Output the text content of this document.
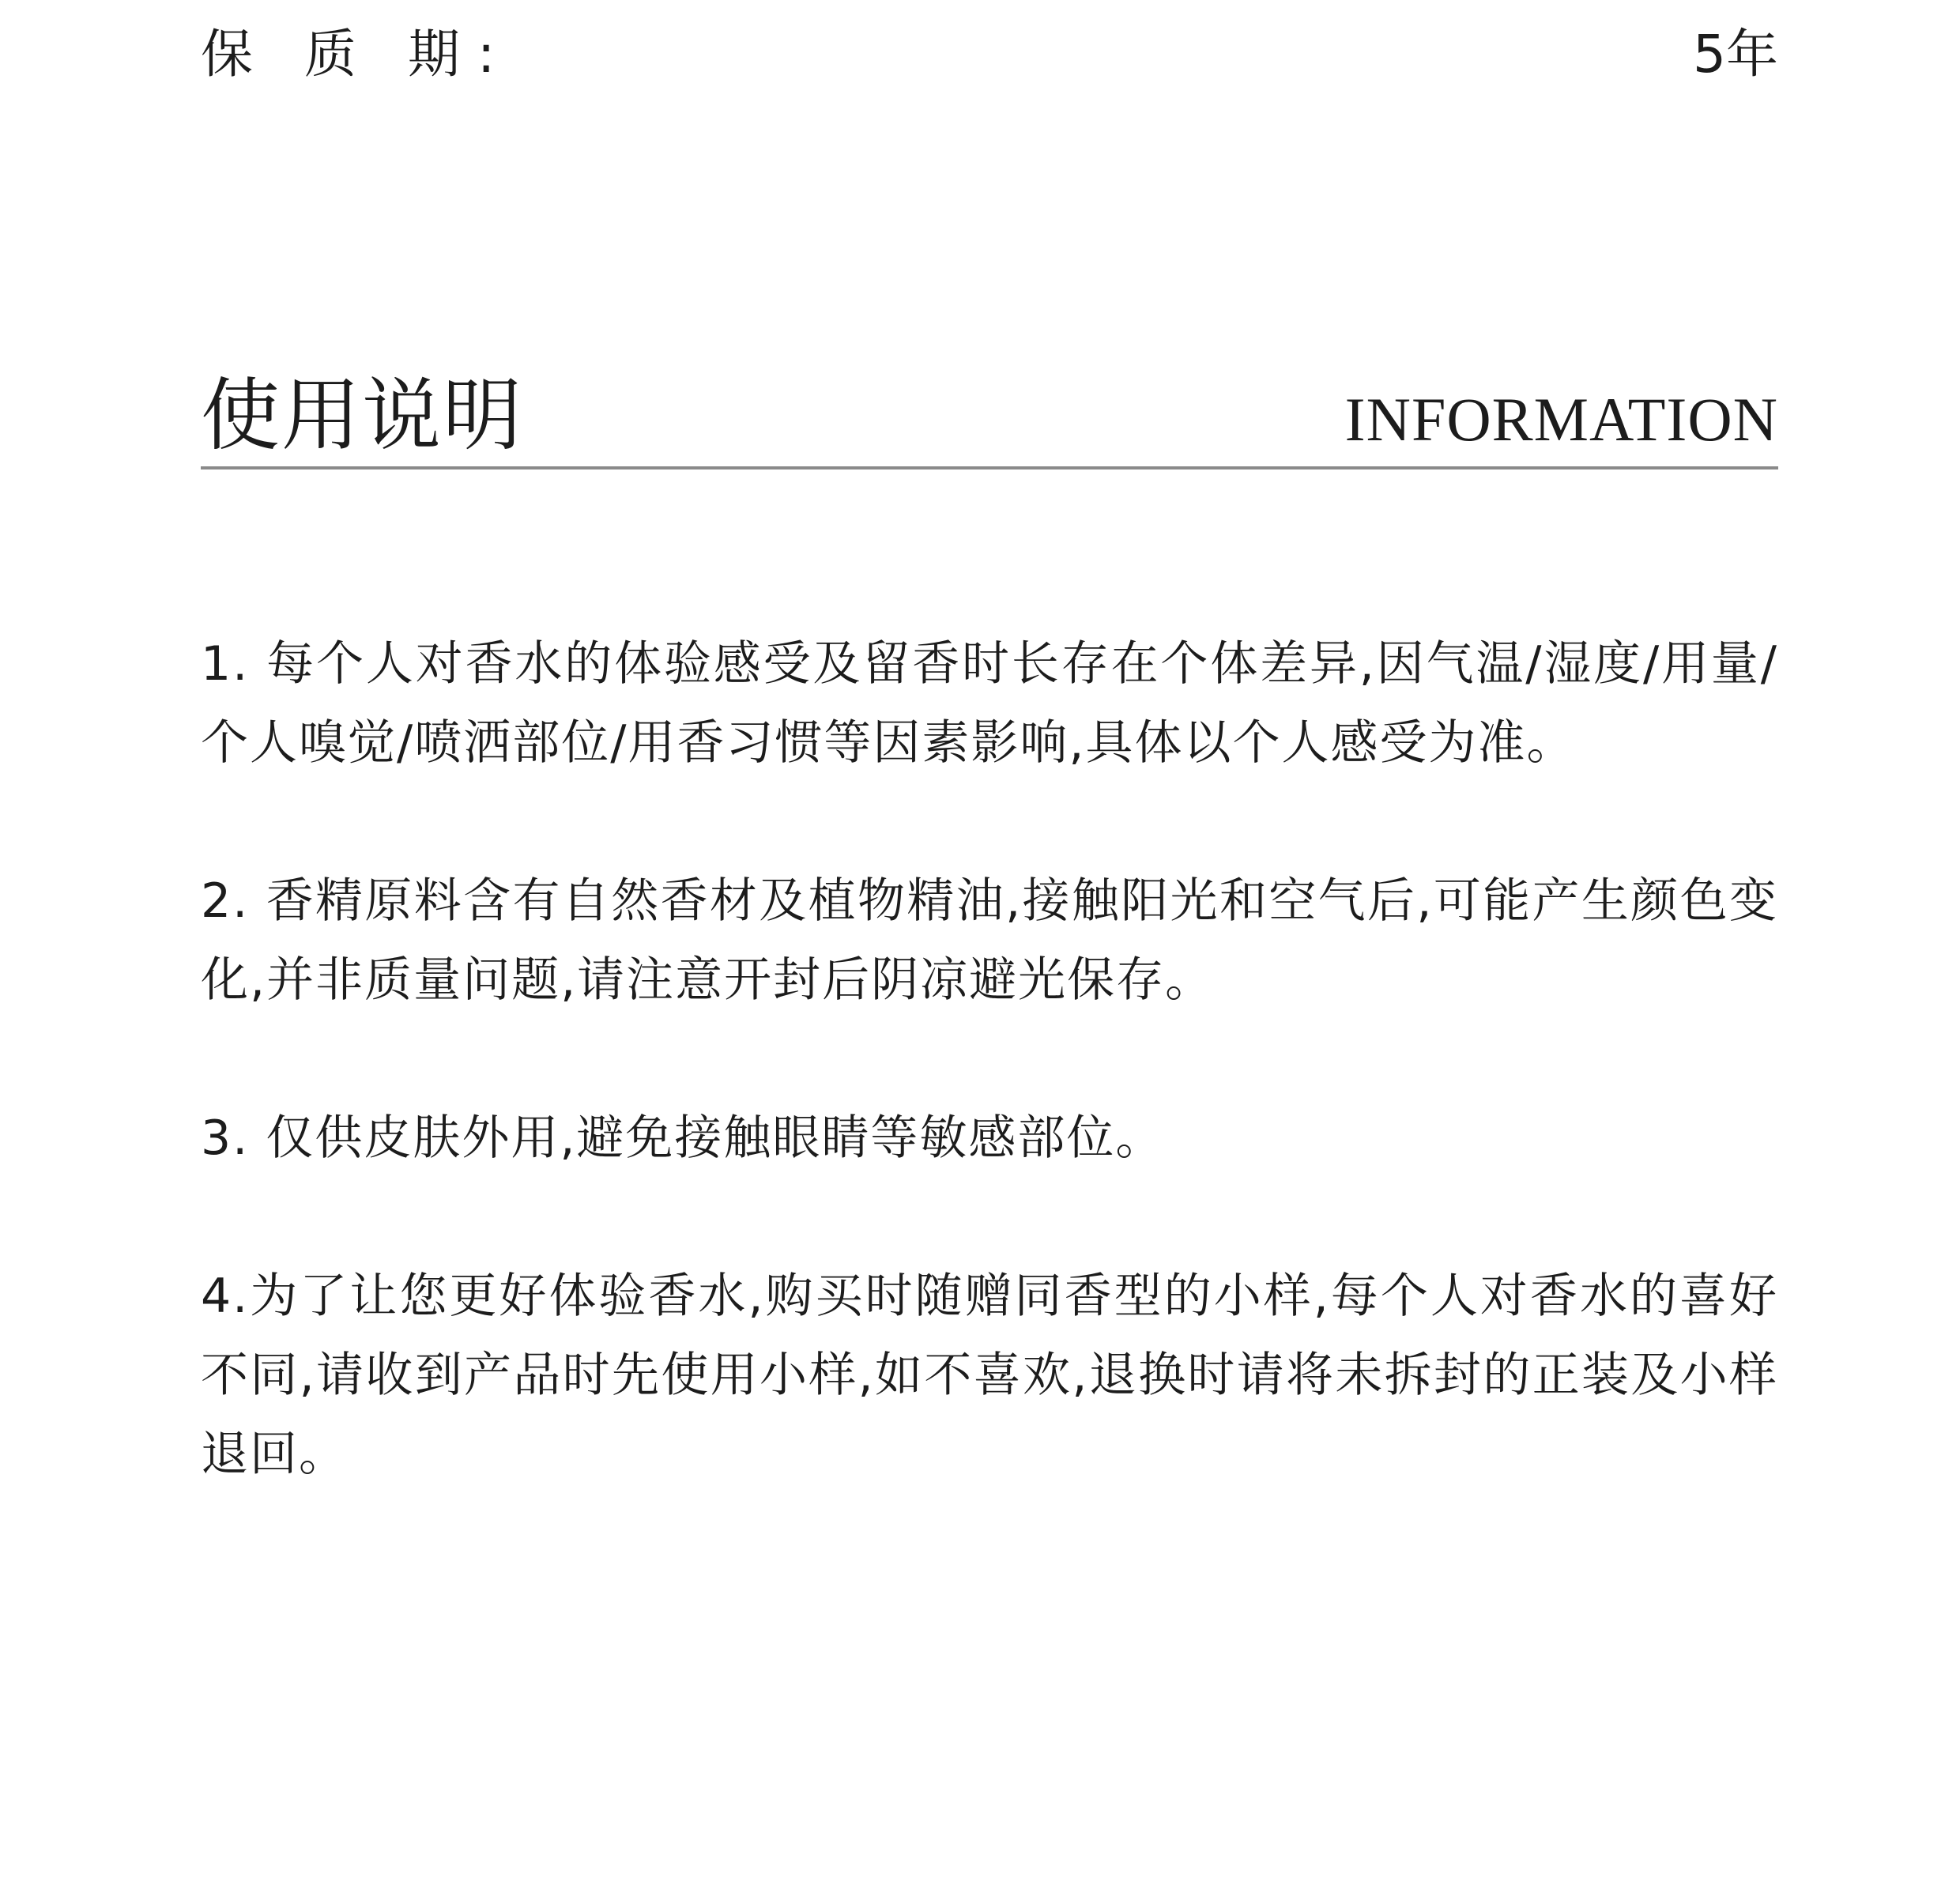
保 质 期:	5年
使用说明	INFORMATION

1. 每个人对香水的体验感受及留香时长存在个体差异,因气温/湿度/用量/个人嗅觉/喷洒部位/用香习惯等因素影响,具体以个人感受为准。

2. 香精原料含有自然香材及植物精油,接触阳光和空气后,可能产生颜色变化,并非质量问题,请注意开封后阴凉避光保存。

3. 仅供皮肤外用,避免接触眼睛等敏感部位。

4.为了让您更好体验香水,购买时随赠同香型的小样,每个人对香水的喜好不同,请收到产品时先使用小样,如不喜欢,退换时请将未拆封的正装及小样退回。
